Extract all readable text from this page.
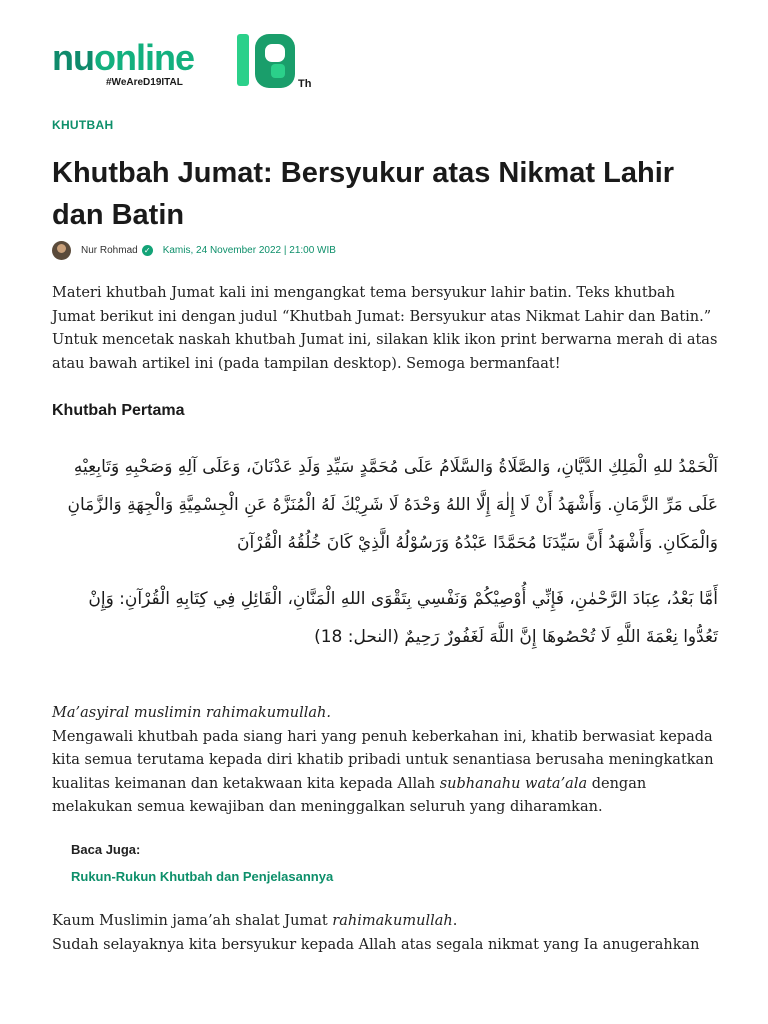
nuonline
#WeAreD19ITAL	Th
KHUTBAH
Khutbah Jumat: Bersyukur atas Nikmat Lahir dan Batin
Nur Rohmad ✓ Kamis, 24 November 2022 | 21:00 WIB

Materi khutbah Jumat kali ini mengangkat tema bersyukur lahir batin. Teks khutbah Jumat berikut ini dengan judul “Khutbah Jumat: Bersyukur atas Nikmat Lahir dan Batin.” Untuk mencetak naskah khutbah Jumat ini, silakan klik ikon print berwarna merah di atas atau bawah artikel ini (pada tampilan desktop). Semoga bermanfaat!

Khutbah Pertama

اَلْحَمْدُ للهِ الْمَلِكِ الدَّيَّانِ، وَالصَّلَاةُ وَالسَّلَامُ عَلَى مُحَمَّدٍ سَيِّدِ وَلَدِ عَدْنَانَ، وَعَلَى آلِهِ وَصَحْبِهِ وَتَابِعِيْهِ عَلَى مَرِّ الزَّمَانِ. وَأَشْهَدُ أَنْ لَا إِلٰهَ إِلَّا اللهُ وَحْدَهُ لَا شَرِيْكَ لَهُ الْمُنَزَّهُ عَنِ الْجِسْمِيَّةِ وَالْجِهَةِ وَالزَّمَانِ وَالْمَكَانِ. وَأَشْهَدُ أَنَّ سَيِّدَنَا مُحَمَّدًا عَبْدُهُ وَرَسُوْلُهُ الَّذِيْ كَانَ خُلُقُهُ الْقُرْآنَ

أَمَّا بَعْدُ، عِبَادَ الرَّحْمٰنِ، فَإِنِّي أُوْصِيْكُمْ وَنَفْسِي بِتَقْوَى اللهِ الْمَنَّانِ، الْقَائِلِ فِي كِتَابِهِ الْقُرْآنِ: وَإِنْ تَعُدُّوا نِعْمَةَ اللَّهِ لَا تُحْصُوهَا إِنَّ اللَّهَ لَغَفُورٌ رَحِيمٌ (النحل: 18)

Ma’asyiral muslimin rahimakumullah.
Mengawali khutbah pada siang hari yang penuh keberkahan ini, khatib berwasiat kepada kita semua terutama kepada diri khatib pribadi untuk senantiasa berusaha meningkatkan kualitas keimanan dan ketakwaan kita kepada Allah subhanahu wata’ala dengan melakukan semua kewajiban dan meninggalkan seluruh yang diharamkan.

Baca Juga:
Rukun-Rukun Khutbah dan Penjelasannya

Kaum Muslimin jama’ah shalat Jumat rahimakumullah.
Sudah selayaknya kita bersyukur kepada Allah atas segala nikmat yang Ia anugerahkan
